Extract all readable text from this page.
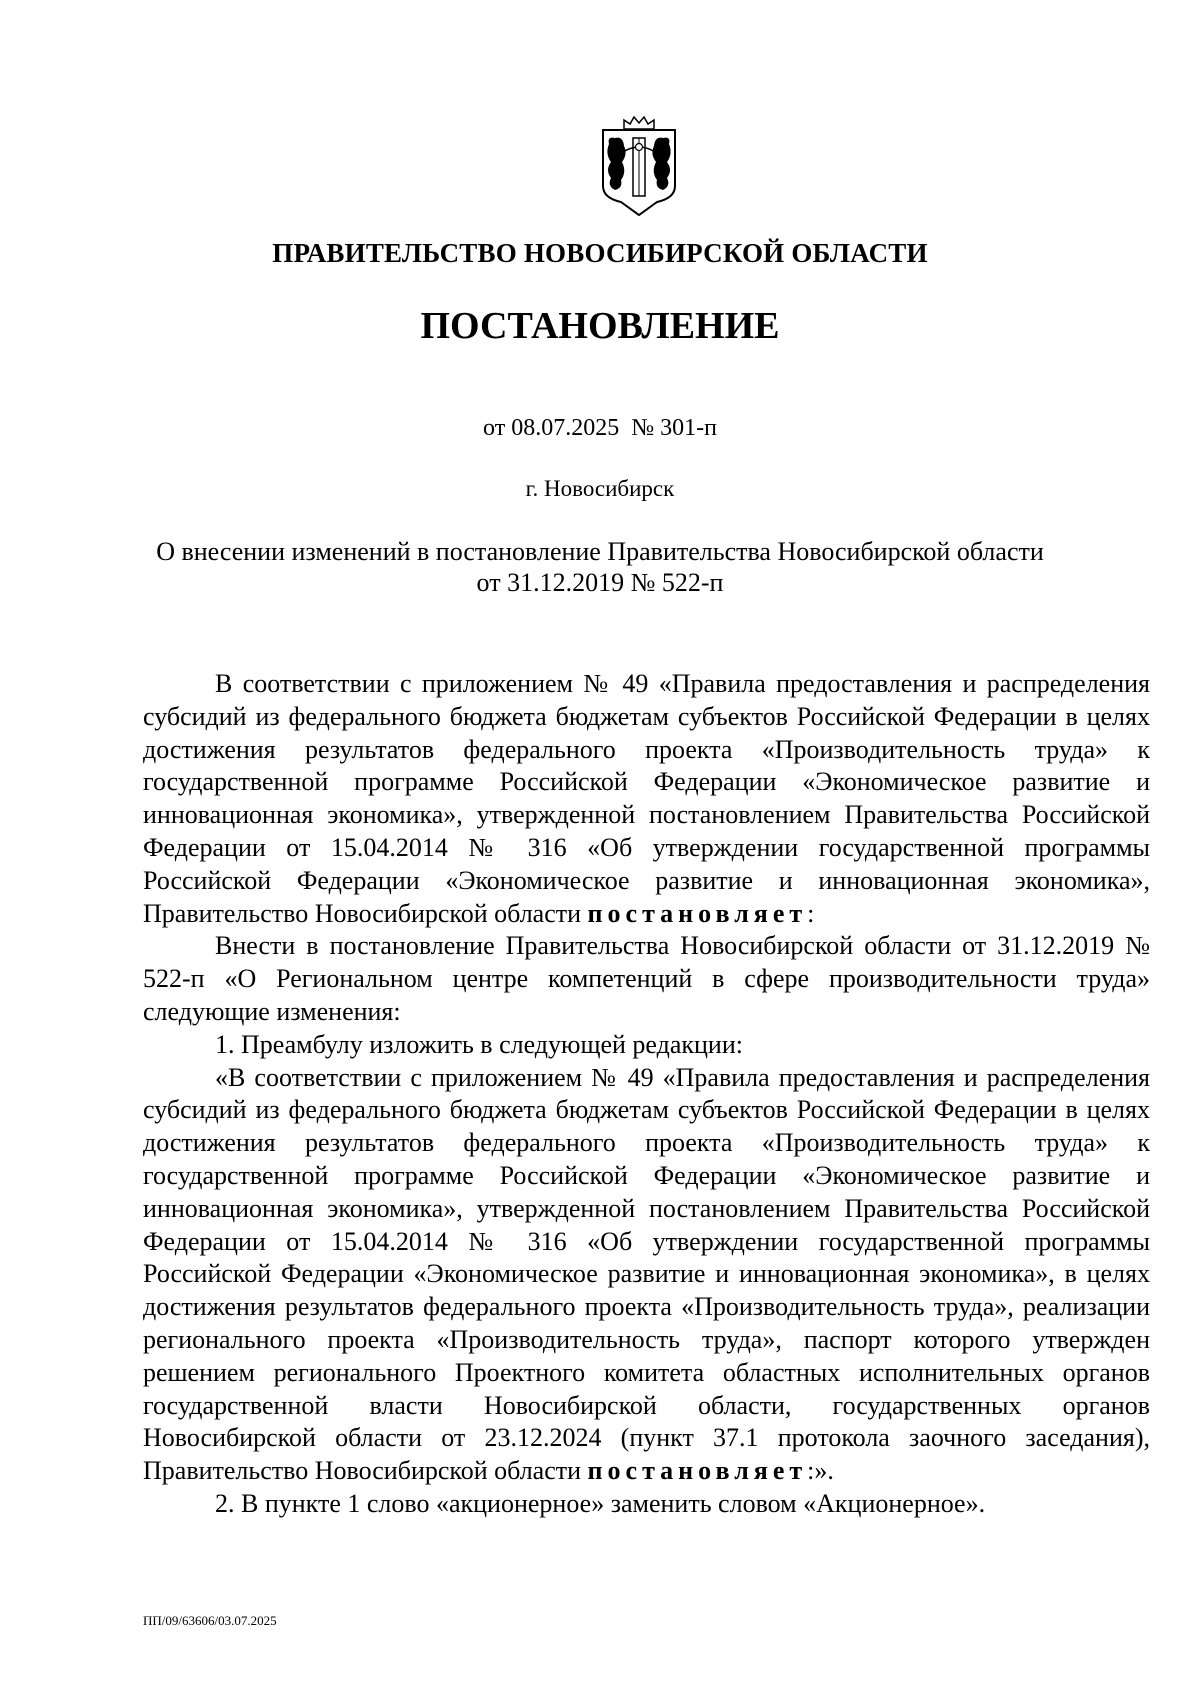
ПРАВИТЕЛЬСТВО НОВОСИБИРСКОЙ ОБЛАСТИ
ПОСТАНОВЛЕНИЕ
от 08.07.2025  № 301-п
г. Новосибирск
О внесении изменений в постановление Правительства Новосибирской области
от 31.12.2019 № 522-п

В соответствии с приложением № 49 «Правила предоставления и распределения субсидий из федерального бюджета бюджетам субъектов Российской Федерации в целях достижения результатов федерального проекта «Производительность труда» к государственной программе Российской Федерации «Экономическое развитие и инновационная экономика», утвержденной постановлением Правительства Российской Федерации от 15.04.2014 № 316 «Об утверждении государственной программы Российской Федерации «Экономическое развитие и инновационная экономика», Правительство Новосибирской области постановляет:

Внести в постановление Правительства Новосибирской области от 31.12.2019 № 522-п «О Региональном центре компетенций в сфере производительности труда» следующие изменения:

1. Преамбулу изложить в следующей редакции:

«В соответствии с приложением № 49 «Правила предоставления и распределения субсидий из федерального бюджета бюджетам субъектов Российской Федерации в целях достижения результатов федерального проекта «Производительность труда» к государственной программе Российской Федерации «Экономическое развитие и инновационная экономика», утвержденной постановлением Правительства Российской Федерации от 15.04.2014 № 316 «Об утверждении государственной программы Российской Федерации «Экономическое развитие и инновационная экономика», в целях достижения результатов федерального проекта «Производительность труда», реализации регионального проекта «Производительность труда», паспорт которого утвержден решением регионального Проектного комитета областных исполнительных органов государственной власти Новосибирской области, государственных органов Новосибирской области от 23.12.2024 (пункт 37.1 протокола заочного заседания), Правительство Новосибирской области постановляет:».

2. В пункте 1 слово «акционерное» заменить словом «Акционерное».

ПП/09/63606/03.07.2025
